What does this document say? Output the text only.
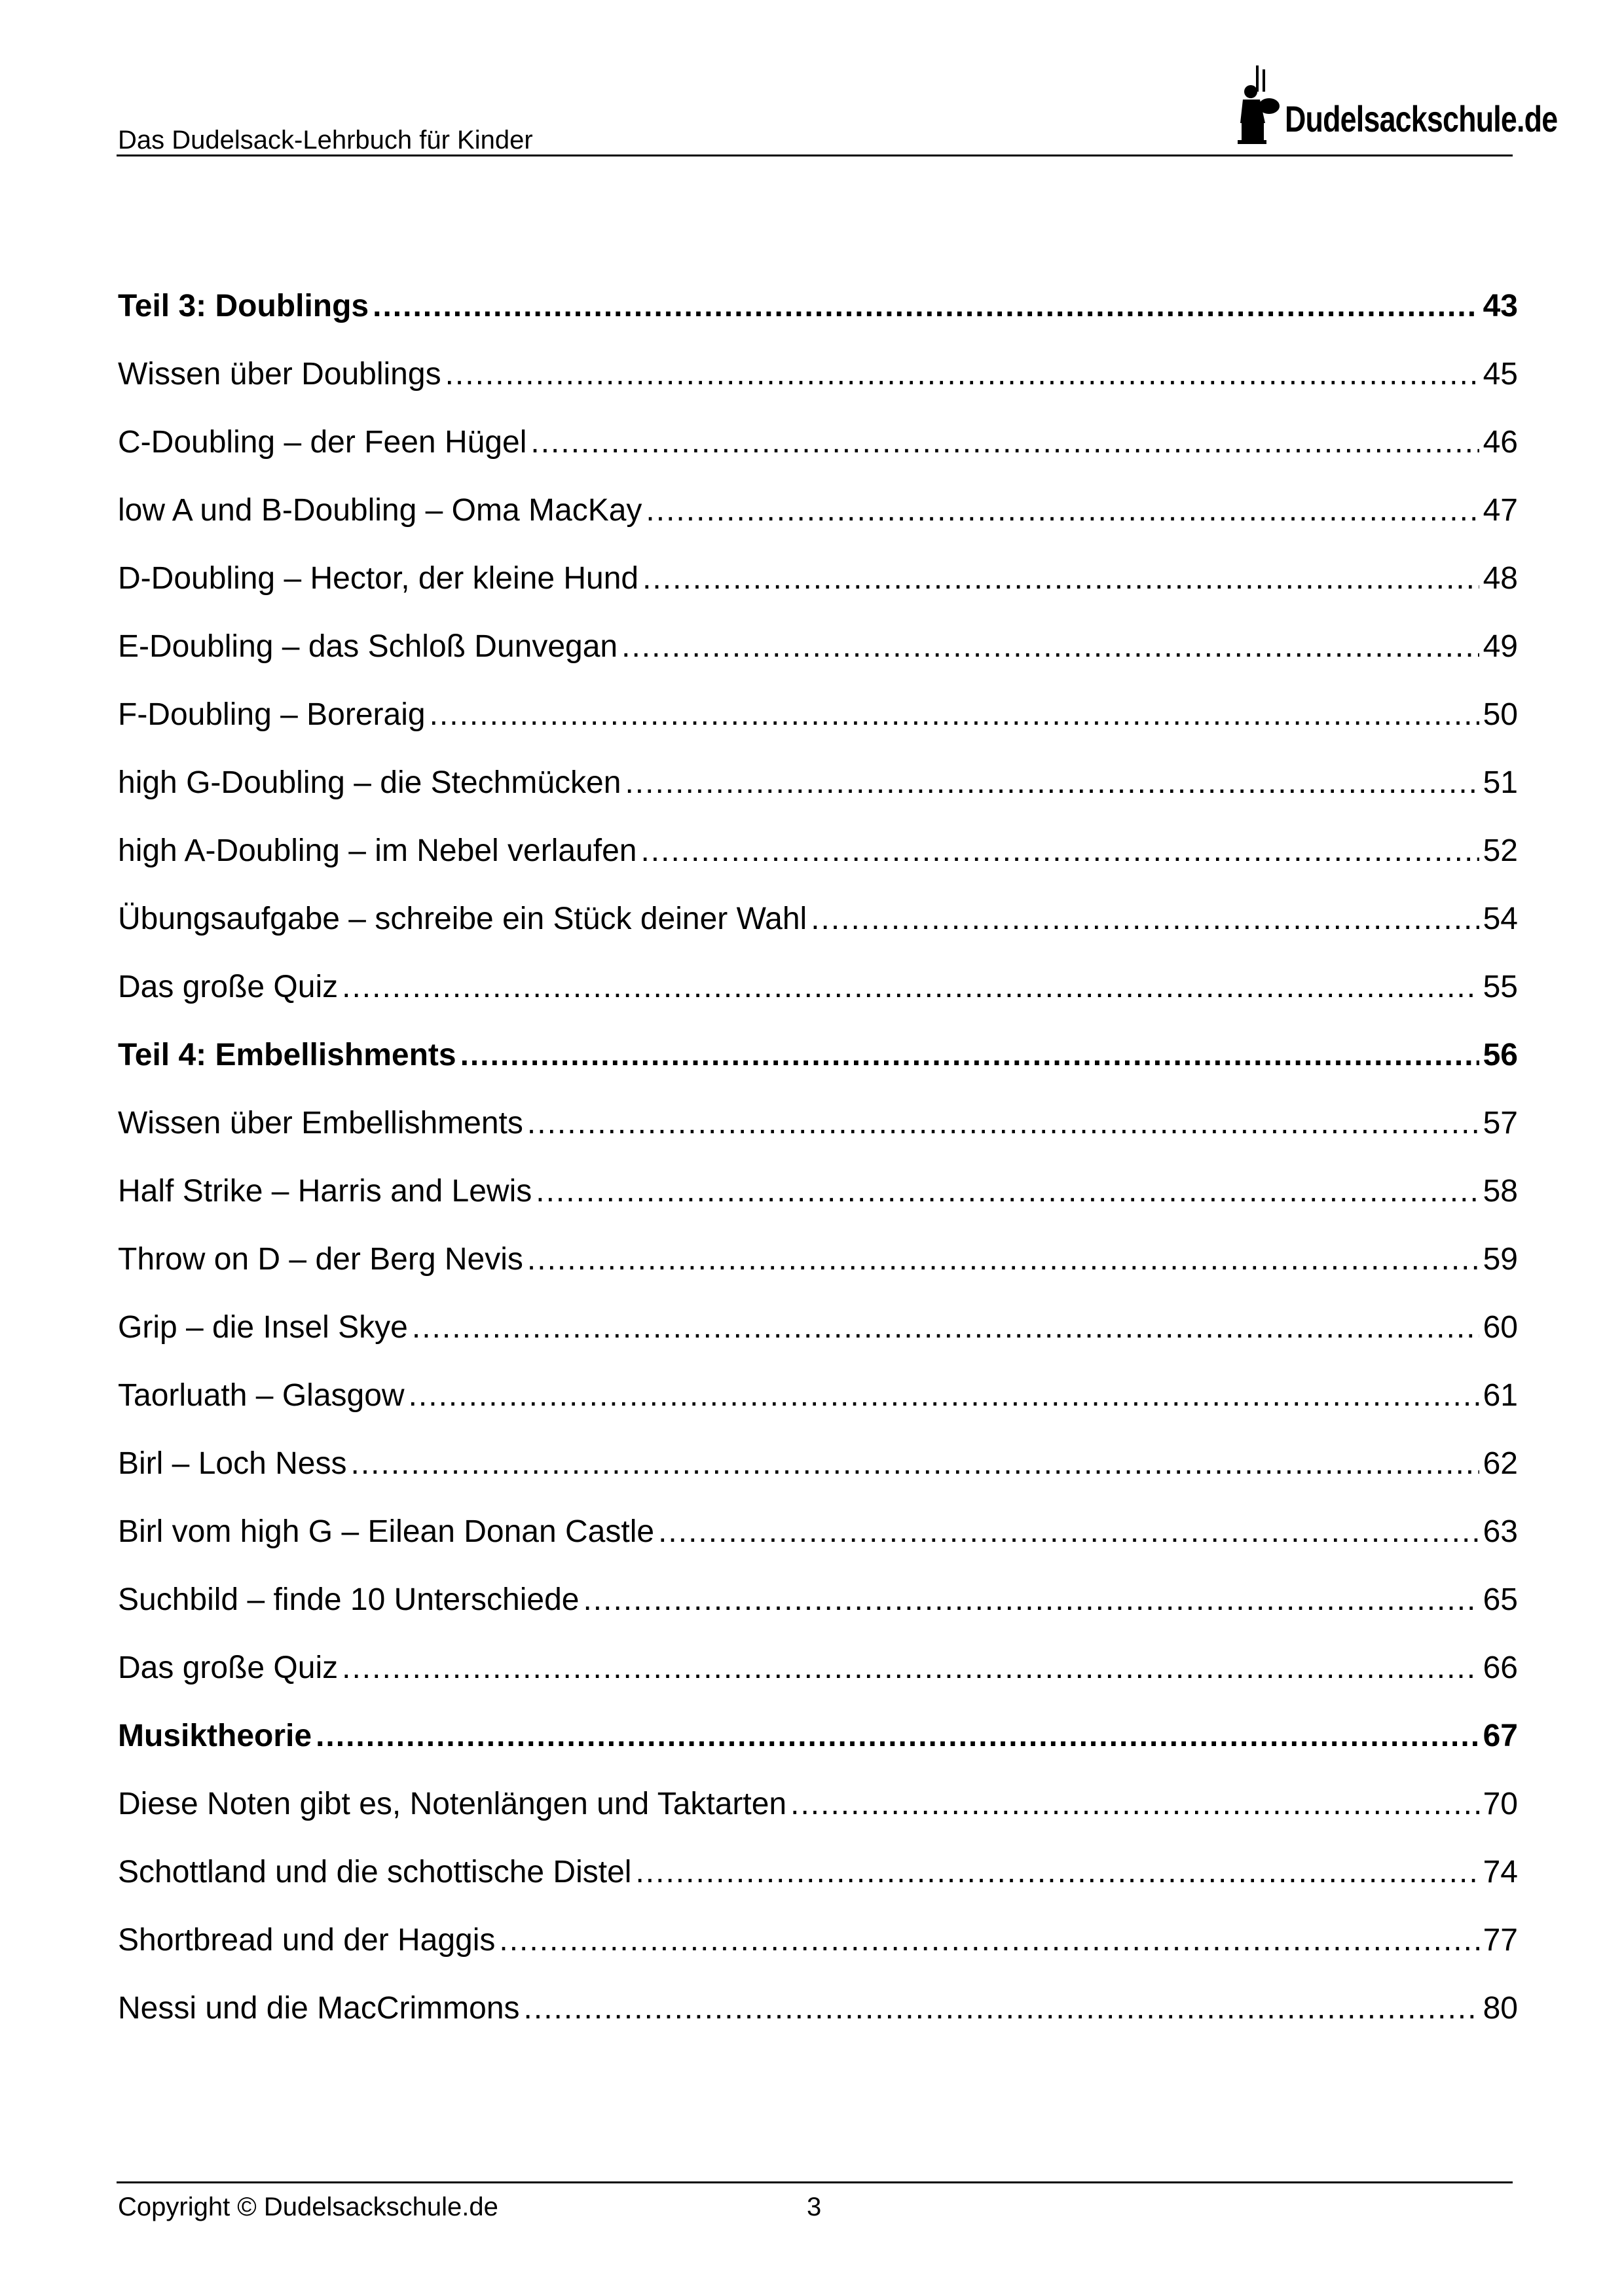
Das Dudelsack-Lehrbuch für Kinder
Dudelsackschule.de
Teil 3: Doublings .....	43
Wissen über Doublings .....	45
C-Doubling – der Feen Hügel .....	46
low A und B-Doubling – Oma MacKay .....	47
D-Doubling – Hector, der kleine Hund .....	48
E-Doubling – das Schloß Dunvegan .....	49
F-Doubling – Boreraig .....	50
high G-Doubling – die Stechmücken .....	51
high A-Doubling – im Nebel verlaufen .....	52
Übungsaufgabe – schreibe ein Stück deiner Wahl .....	54
Das große Quiz .....	55
Teil 4: Embellishments .....	56
Wissen über Embellishments .....	57
Half Strike – Harris and Lewis .....	58
Throw on D – der Berg Nevis .....	59
Grip – die Insel Skye .....	60
Taorluath – Glasgow .....	61
Birl – Loch Ness .....	62
Birl vom high G – Eilean Donan Castle .....	63
Suchbild – finde 10 Unterschiede .....	65
Das große Quiz .....	66
Musiktheorie .....	67
Diese Noten gibt es, Notenlängen und Taktarten .....	70
Schottland und die schottische Distel .....	74
Shortbread und der Haggis .....	77
Nessi und die MacCrimmons .....	80
Copyright © Dudelsackschule.de	3
